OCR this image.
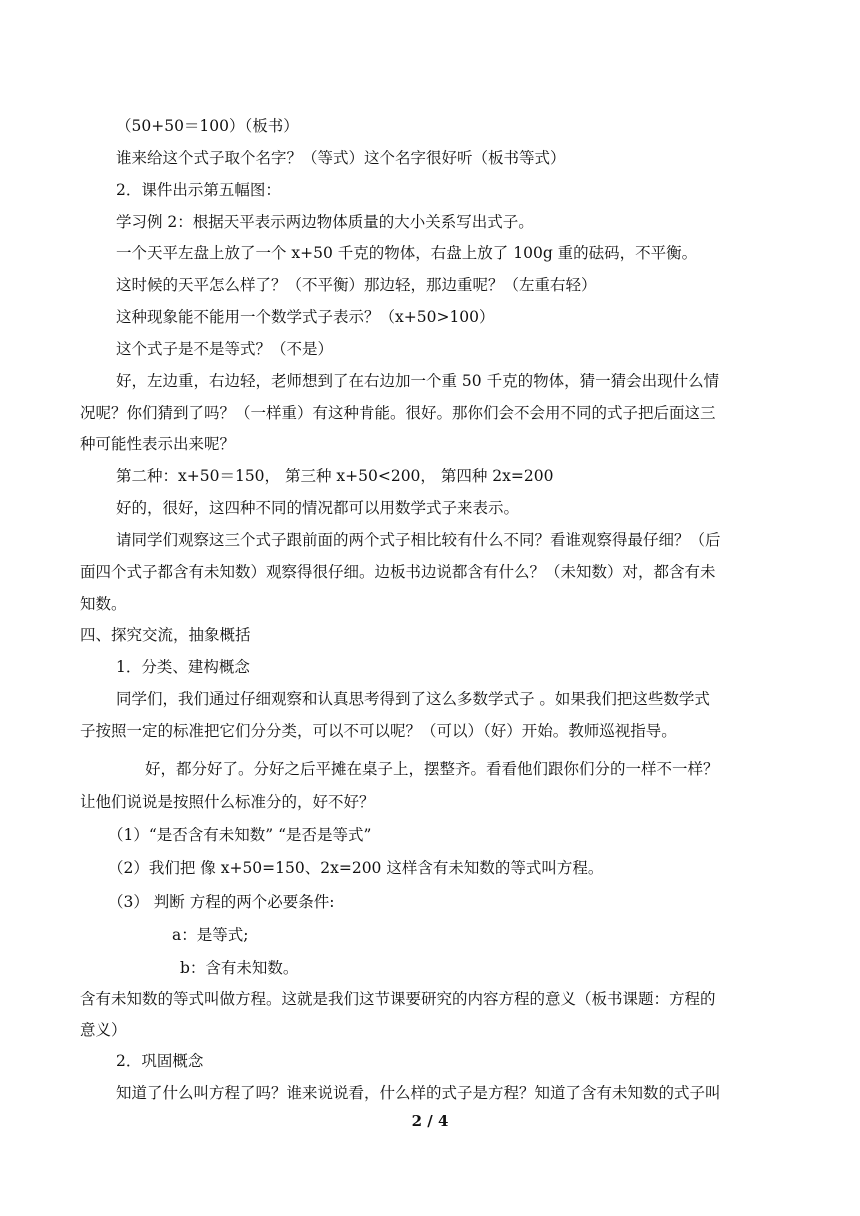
（50+50＝100）（板书）
谁来给这个式子取个名字？（等式）这个名字很好听（板书等式）
2．课件出示第五幅图：
学习例 2：根据天平表示两边物体质量的大小关系写出式子。
一个天平左盘上放了一个 x+50 千克的物体，右盘上放了 100g 重的砝码，不平衡。
这时候的天平怎么样了？（不平衡）那边轻，那边重呢？（左重右轻）
这种现象能不能用一个数学式子表示？（x+50>100）
这个式子是不是等式？（不是）
好，左边重，右边轻，老师想到了在右边加一个重 50 千克的物体，猜一猜会出现什么情
况呢？你们猜到了吗？（一样重）有这种肯能。很好。那你们会不会用不同的式子把后面这三
种可能性表示出来呢？
第二种：x+50＝150， 第三种 x+50<200， 第四种 2x=200
好的，很好，这四种不同的情况都可以用数学式子来表示。
请同学们观察这三个式子跟前面的两个式子相比较有什么不同？看谁观察得最仔细？（后
面四个式子都含有未知数）观察得很仔细。边板书边说都含有什么？（未知数）对，都含有未
知数。
四、探究交流，抽象概括
1．分类、建构概念
同学们，我们通过仔细观察和认真思考得到了这么多数学式子 。如果我们把这些数学式
子按照一定的标准把它们分分类，可以不可以呢？（可以）（好）开始。教师巡视指导。
好，都分好了。分好之后平摊在桌子上，摆整齐。看看他们跟你们分的一样不一样？
让他们说说是按照什么标准分的，好不好？
（1）“是否含有未知数” “是否是等式”
（2）我们把 像 x+50=150、2x=200 这样含有未知数的等式叫方程。
（3） 判断 方程的两个必要条件:
a：是等式;
b：含有未知数。
含有未知数的等式叫做方程。这就是我们这节课要研究的内容方程的意义（板书课题：方程的
意义）
2．巩固概念
知道了什么叫方程了吗？谁来说说看，什么样的式子是方程？知道了含有未知数的式子叫
2 / 4
